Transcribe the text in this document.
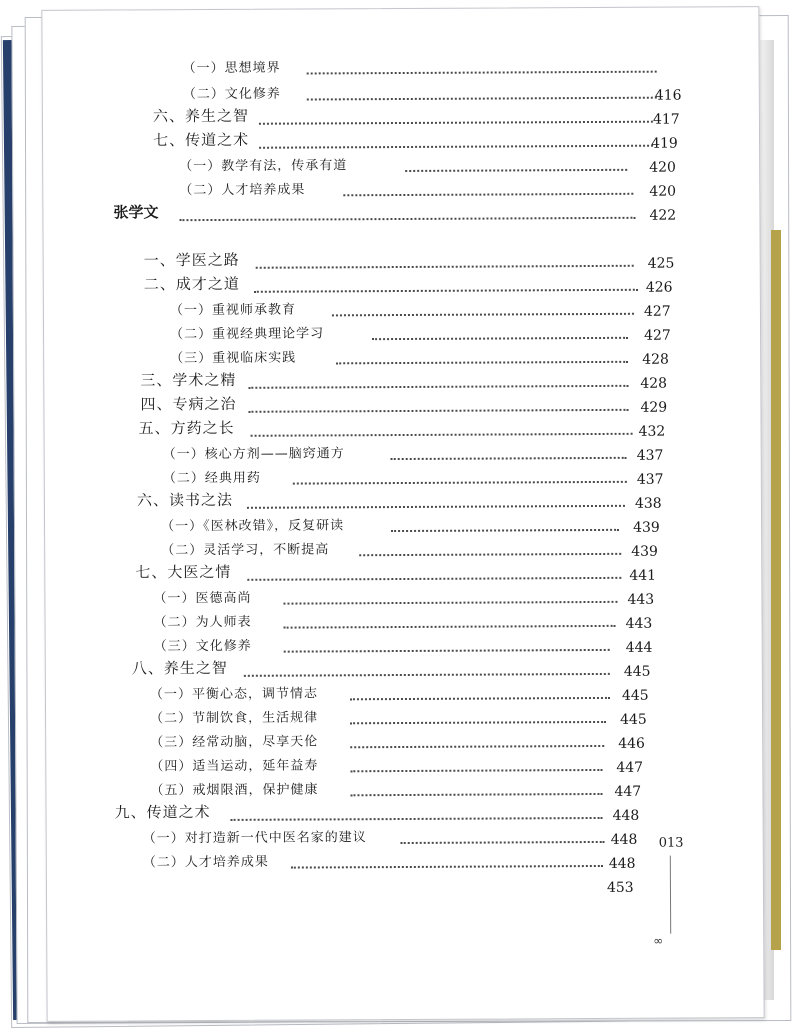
（一）思想境界
（二）文化修养	416
六、养生之智	417
七、传道之术	419
（一）教学有法，传承有道	420
（二）人才培养成果	420
张学文	422
一、学医之路	425
二、成才之道	426
（一）重视师承教育	427
（二）重视经典理论学习	427
（三）重视临床实践	428
三、学术之精	428
四、专病之治	429
五、方药之长	432
（一）核心方剂——脑窍通方	437
（二）经典用药	437
六、读书之法	438
（一）《医林改错》，反复研读	439
（二）灵活学习，不断提高	439
七、大医之情	441
（一）医德高尚	443
（二）为人师表	443
（三）文化修养	444
八、养生之智	445
（一）平衡心态，调节情志	445
（二）节制饮食，生活规律	445
（三）经常动脑，尽享天伦	446
（四）适当运动，延年益寿	447
（五）戒烟限酒，保护健康	447
九、传道之术	448
（一）对打造新一代中医名家的建议	448
（二）人才培养成果	448
453
013
∞
